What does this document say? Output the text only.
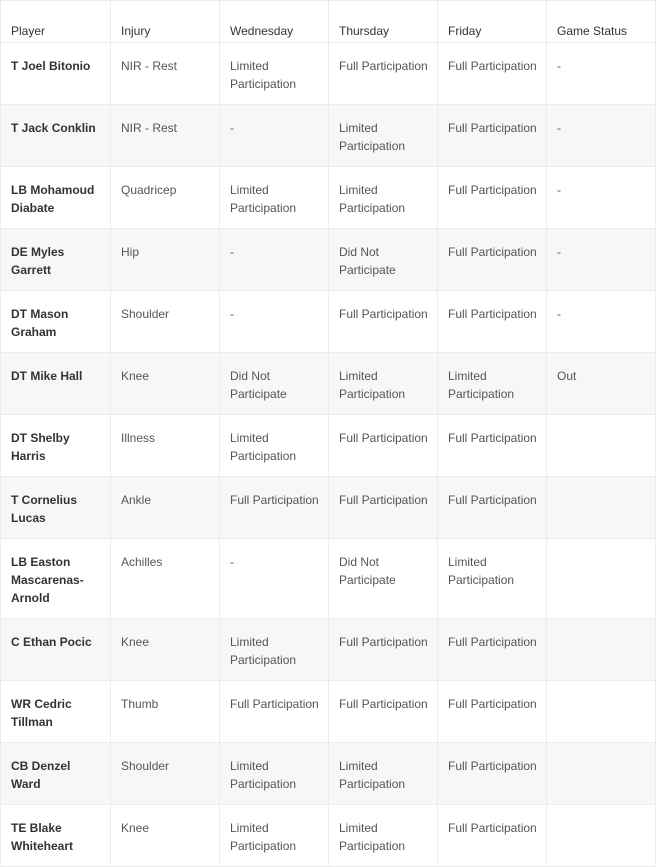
Player	Injury	Wednesday	Thursday	Friday	Game Status
T Joel Bitonio	NIR - Rest	Limited Participation	Full Participation	Full Participation	-
T Jack Conklin	NIR - Rest	-	Limited Participation	Full Participation	-
LB Mohamoud Diabate	Quadricep	Limited Participation	Limited Participation	Full Participation	-
DE Myles Garrett	Hip	-	Did Not Participate	Full Participation	-
DT Mason Graham	Shoulder	-	Full Participation	Full Participation	-
DT Mike Hall	Knee	Did Not Participate	Limited Participation	Limited Participation	Out
DT Shelby Harris	Illness	Limited Participation	Full Participation	Full Participation	
T Cornelius Lucas	Ankle	Full Participation	Full Participation	Full Participation	
LB Easton Mascarenas-Arnold	Achilles	-	Did Not Participate	Limited Participation	
C Ethan Pocic	Knee	Limited Participation	Full Participation	Full Participation	
WR Cedric Tillman	Thumb	Full Participation	Full Participation	Full Participation	
CB Denzel Ward	Shoulder	Limited Participation	Limited Participation	Full Participation	
TE Blake Whiteheart	Knee	Limited Participation	Limited Participation	Full Participation	
